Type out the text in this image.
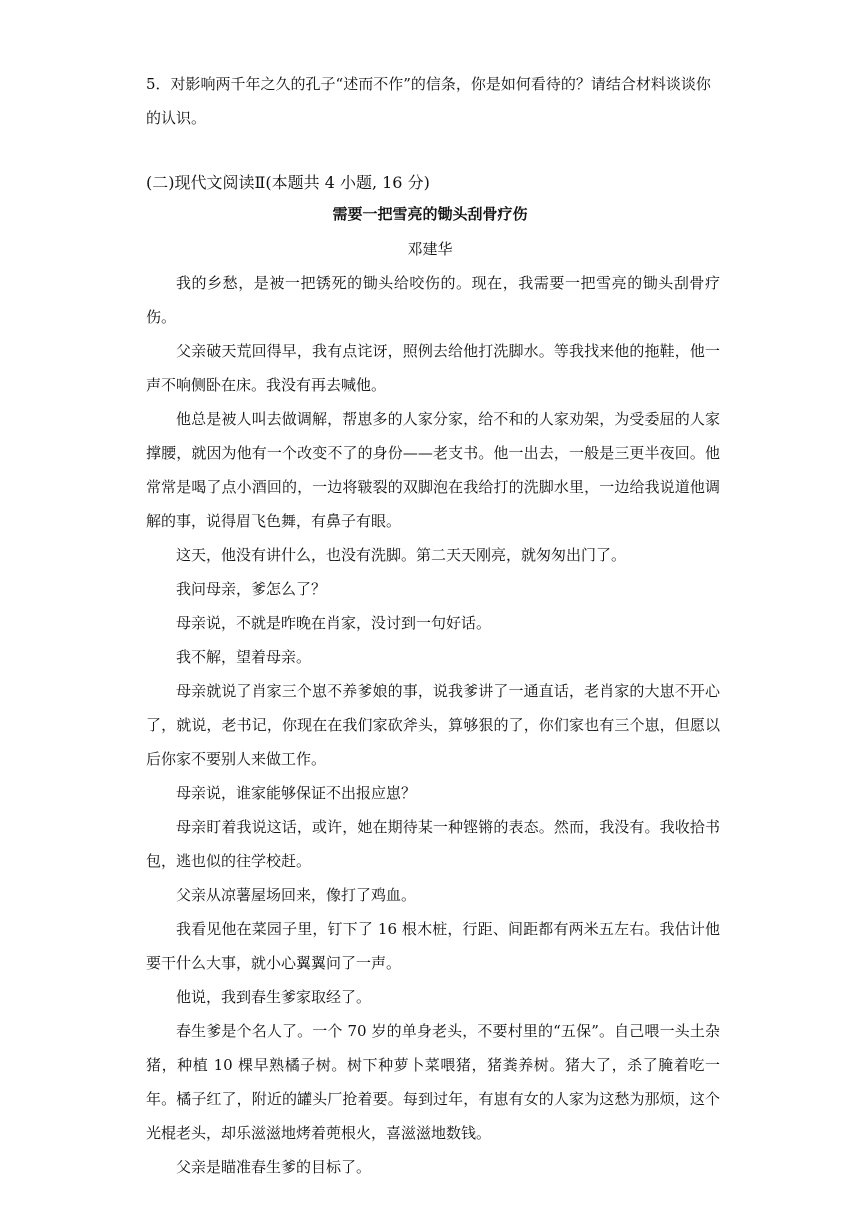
5．对影响两千年之久的孔子“述而不作”的信条，你是如何看待的？请结合材料谈谈你的认识。
(二)现代文阅读Ⅱ(本题共 4 小题, 16 分)
需要一把雪亮的锄头刮骨疗伤
邓建华

我的乡愁，是被一把锈死的锄头给咬伤的。现在，我需要一把雪亮的锄头刮骨疗伤。

父亲破天荒回得早，我有点诧讶，照例去给他打洗脚水。等我找来他的拖鞋，他一声不响侧卧在床。我没有再去喊他。

他总是被人叫去做调解，帮崽多的人家分家，给不和的人家劝架，为受委屈的人家撑腰，就因为他有一个改变不了的身份——老支书。他一出去，一般是三更半夜回。他常常是喝了点小酒回的，一边将皲裂的双脚泡在我给打的洗脚水里，一边给我说道他调解的事，说得眉飞色舞，有鼻子有眼。

这天，他没有讲什么，也没有洗脚。第二天天刚亮，就匆匆出门了。

我问母亲，爹怎么了？

母亲说，不就是昨晚在肖家，没讨到一句好话。

我不解，望着母亲。

母亲就说了肖家三个崽不养爹娘的事，说我爹讲了一通直话，老肖家的大崽不开心了，就说，老书记，你现在在我们家砍斧头，算够狠的了，你们家也有三个崽，但愿以后你家不要别人来做工作。

母亲说，谁家能够保证不出报应崽？

母亲盯着我说这话，或许，她在期待某一种铿锵的表态。然而，我没有。我收拾书包，逃也似的往学校赶。

父亲从凉薯屋场回来，像打了鸡血。

我看见他在菜园子里，钉下了 16 根木桩，行距、间距都有两米五左右。我估计他要干什么大事，就小心翼翼问了一声。

他说，我到春生爹家取经了。

春生爹是个名人了。一个 70 岁的单身老头，不要村里的“五保”。自己喂一头土杂猪，种植 10 棵早熟橘子树。树下种萝卜菜喂猪，猪粪养树。猪大了，杀了腌着吃一年。橘子红了，附近的罐头厂抢着要。每到过年，有崽有女的人家为这愁为那烦，这个光棍老头，却乐滋滋地烤着蔸根火，喜滋滋地数钱。

父亲是瞄准春生爹的目标了。
